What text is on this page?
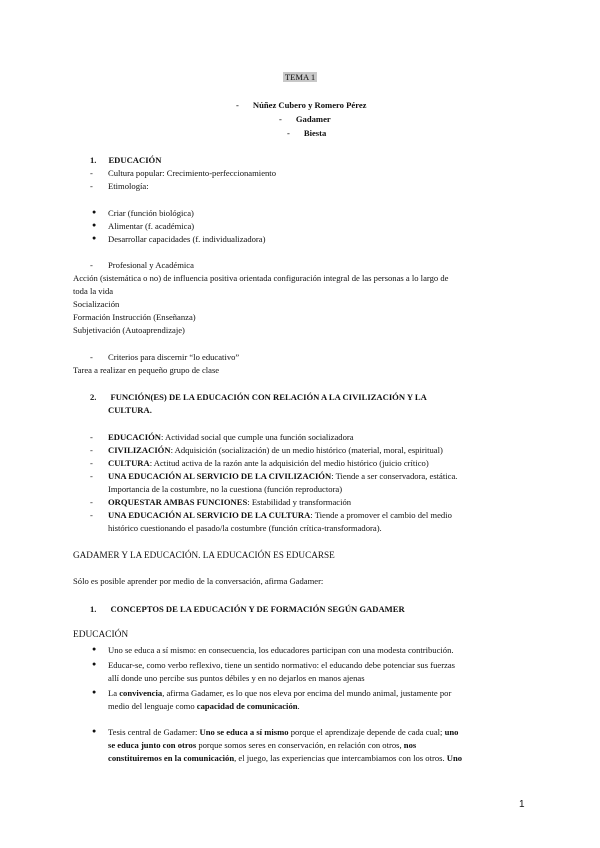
TEMA 1
- Núñez Cubero y Romero Pérez
- Gadamer
- Biesta
1. EDUCACIÓN
Cultura popular: Crecimiento-perfeccionamiento
Etimología:
● Criar (función biológica)
● Alimentar (f. académica)
● Desarrollar capacidades (f. individualizadora)
Profesional y Académica
Acción (sistemática o no) de influencia positiva orientada configuración integral de las personas a lo largo de
toda la vida
Socialización
Formación Instrucción (Enseñanza)
Subjetivación (Autoaprendizaje)
Criterios para discernir “lo educativo”
Tarea a realizar en pequeño grupo de clase
2. FUNCIÓN(ES) DE LA EDUCACIÓN CON RELACIÓN A LA CIVILIZACIÓN Y LA
CULTURA.
EDUCACIÓN: Actividad social que cumple una función socializadora
CIVILIZACIÓN: Adquisición (socialización) de un medio histórico (material, moral, espiritual)
CULTURA: Actitud activa de la razón ante la adquisición del medio histórico (juicio crítico)
UNA EDUCACIÓN AL SERVICIO DE LA CIVILIZACIÓN: Tiende a ser conservadora, estática.
Importancia de la costumbre, no la cuestiona (función reproductora)
ORQUESTAR AMBAS FUNCIONES: Estabilidad y transformación
UNA EDUCACIÓN AL SERVICIO DE LA CULTURA: Tiende a promover el cambio del medio
histórico cuestionando el pasado/la costumbre (función crítica-transformadora).
GADAMER Y LA EDUCACIÓN. LA EDUCACIÓN ES EDUCARSE
Sólo es posible aprender por medio de la conversación, afirma Gadamer:
1. CONCEPTOS DE LA EDUCACIÓN Y DE FORMACIÓN SEGÚN GADAMER
EDUCACIÓN
● Uno se educa a sí mismo: en consecuencia, los educadores participan con una modesta contribución.
● Educar-se, como verbo reflexivo, tiene un sentido normativo: el educando debe potenciar sus fuerzas
allí donde uno percibe sus puntos débiles y en no dejarlos en manos ajenas
● La convivencia, afirma Gadamer, es lo que nos eleva por encima del mundo animal, justamente por
medio del lenguaje como capacidad de comunicación.
● Tesis central de Gadamer: Uno se educa a sí mismo porque el aprendizaje depende de cada cual; uno
se educa junto con otros porque somos seres en conservación, en relación con otros, nos
constituiremos en la comunicación, el juego, las experiencias que intercambiamos con los otros. Uno
1
